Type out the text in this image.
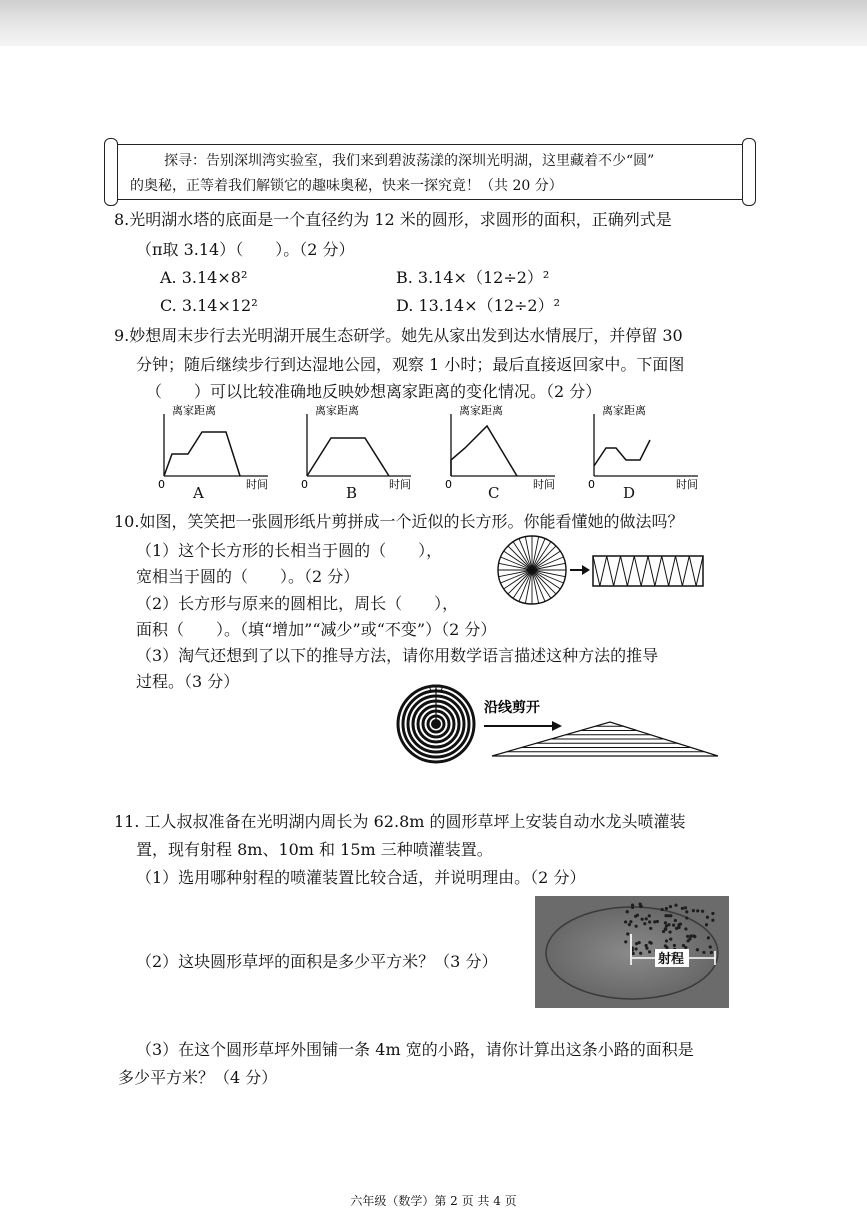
探寻：告别深圳湾实验室，我们来到碧波荡漾的深圳光明湖，这里藏着不少“圆”
的奥秘，正等着我们解锁它的趣味奥秘，快来一探究竟！（共 20 分）
8.光明湖水塔的底面是一个直径约为 12 米的圆形，求圆形的面积，正确列式是
（π取 3.14）（　　）。（2 分）
A. 3.14×8²	B. 3.14×（12÷2）²
C. 3.14×12²	D. 13.14×（12÷2）²
9.妙想周末步行去光明湖开展生态研学。她先从家出发到达水情展厅，并停留 30
分钟；随后继续步行到达湿地公园，观察 1 小时；最后直接返回家中。下面图
（　　）可以比较准确地反映妙想离家距离的变化情况。（2 分）
离家距离
0	时间
A
离家距离
0	时间
B
离家距离
0	时间
C
离家距离
0	时间
D
10.如图，笑笑把一张圆形纸片剪拼成一个近似的长方形。你能看懂她的做法吗？
（1）这个长方形的长相当于圆的（　　），
宽相当于圆的（　　）。（2 分）
（2）长方形与原来的圆相比，周长（　　），
面积（　　）。（填“增加”“减少”或“不变”）（2 分）
（3）淘气还想到了以下的推导方法，请你用数学语言描述这种方法的推导
过程。（3 分）
沿线剪开
11. 工人叔叔准备在光明湖内周长为 62.8m 的圆形草坪上安装自动水龙头喷灌装
置，现有射程 8m、10m 和 15m 三种喷灌装置。
（1）选用哪种射程的喷灌装置比较合适，并说明理由。（2 分）
（2）这块圆形草坪的面积是多少平方米？（3 分）	射程
（3）在这个圆形草坪外围铺一条 4m 宽的小路，请你计算出这条小路的面积是
多少平方米？（4 分）
六年级（数学）第 2 页 共 4 页
